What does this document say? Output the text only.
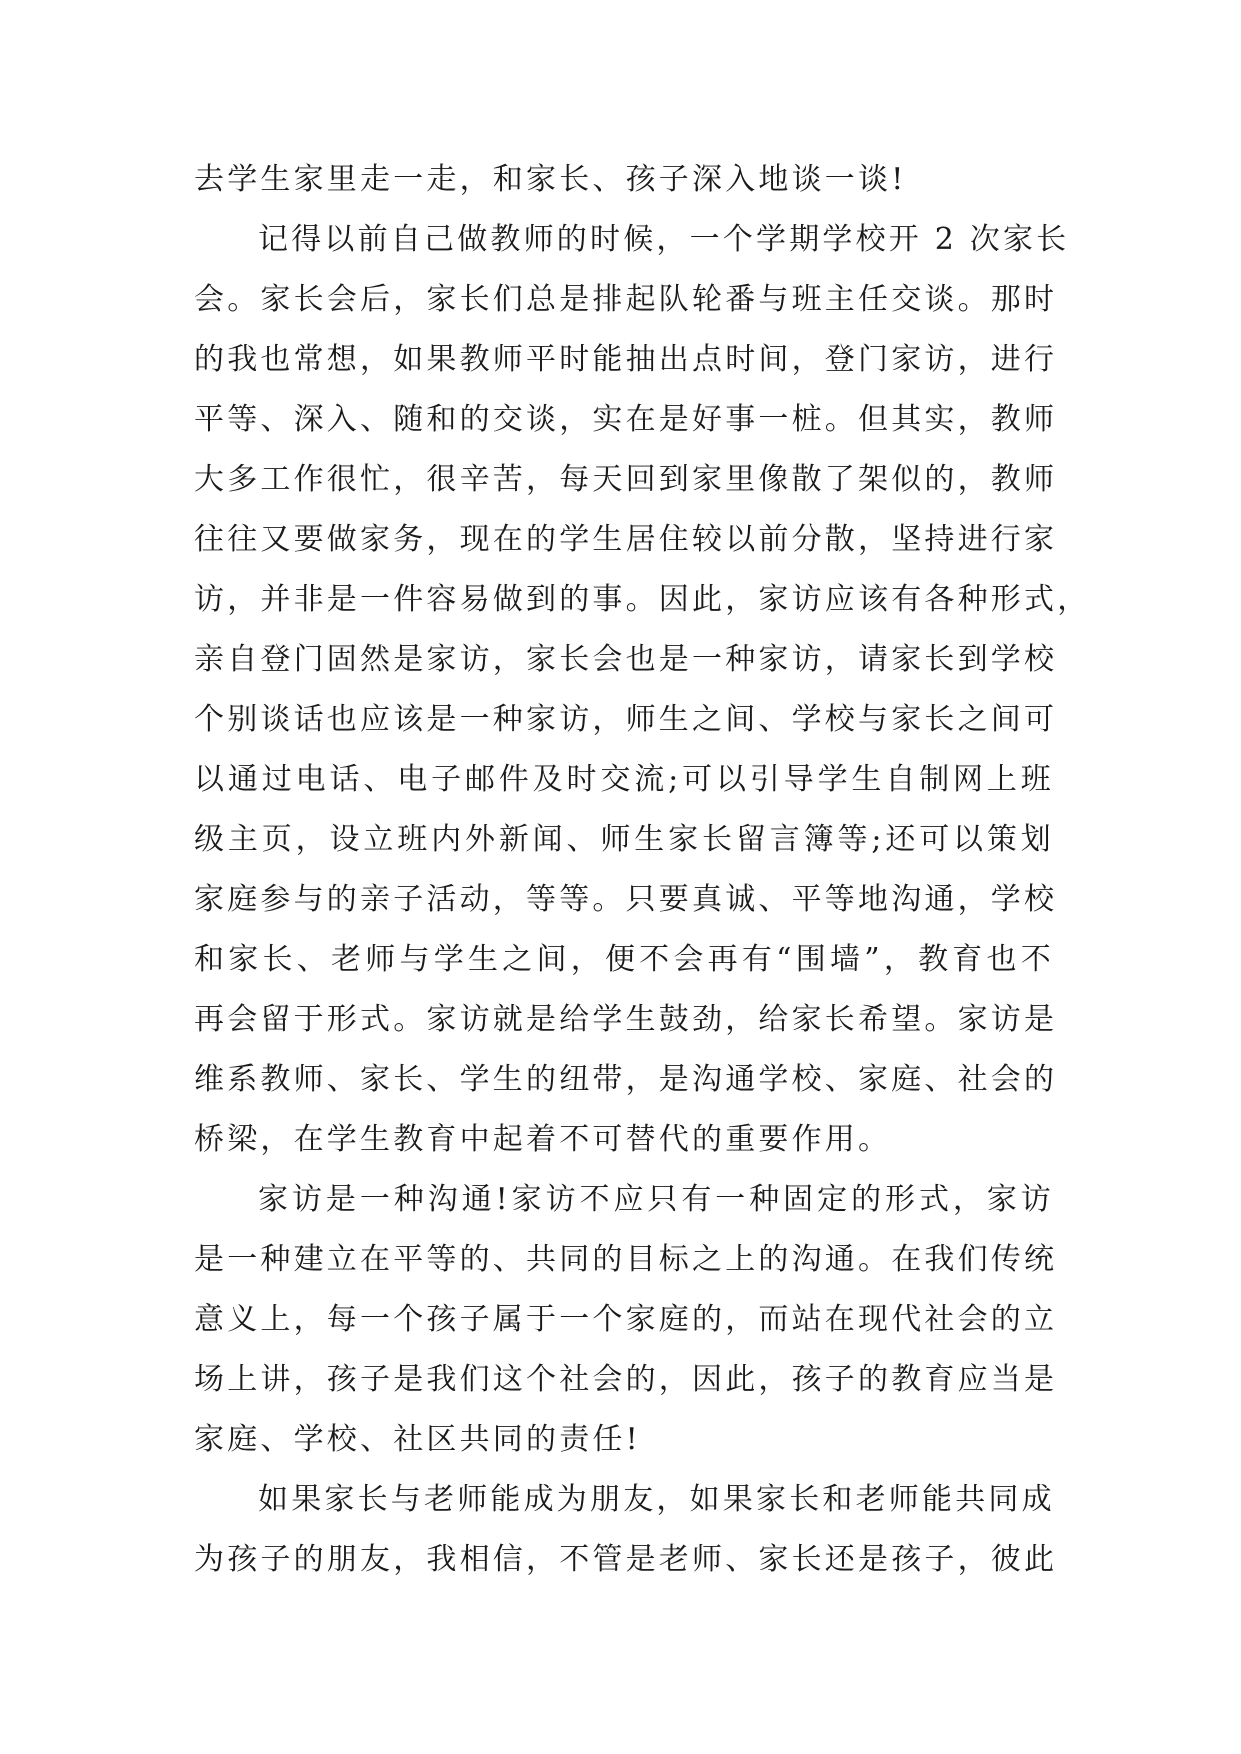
去学生家里走一走，和家长、孩子深入地谈一谈!
记得以前自己做教师的时候，一个学期学校开 2 次家长
会。家长会后，家长们总是排起队轮番与班主任交谈。那时
的我也常想，如果教师平时能抽出点时间，登门家访，进行
平等、深入、随和的交谈，实在是好事一桩。但其实，教师
大多工作很忙，很辛苦，每天回到家里像散了架似的，教师
往往又要做家务，现在的学生居住较以前分散，坚持进行家
访，并非是一件容易做到的事。因此，家访应该有各种形式，
亲自登门固然是家访，家长会也是一种家访，请家长到学校
个别谈话也应该是一种家访，师生之间、学校与家长之间可
以通过电话、电子邮件及时交流;可以引导学生自制网上班
级主页，设立班内外新闻、师生家长留言簿等;还可以策划
家庭参与的亲子活动，等等。只要真诚、平等地沟通，学校
和家长、老师与学生之间，便不会再有“围墙”，教育也不
再会留于形式。家访就是给学生鼓劲，给家长希望。家访是
维系教师、家长、学生的纽带，是沟通学校、家庭、社会的
桥梁，在学生教育中起着不可替代的重要作用。
家访是一种沟通!家访不应只有一种固定的形式，家访
是一种建立在平等的、共同的目标之上的沟通。在我们传统
意义上，每一个孩子属于一个家庭的，而站在现代社会的立
场上讲，孩子是我们这个社会的，因此，孩子的教育应当是
家庭、学校、社区共同的责任!
如果家长与老师能成为朋友，如果家长和老师能共同成
为孩子的朋友，我相信，不管是老师、家长还是孩子，彼此
